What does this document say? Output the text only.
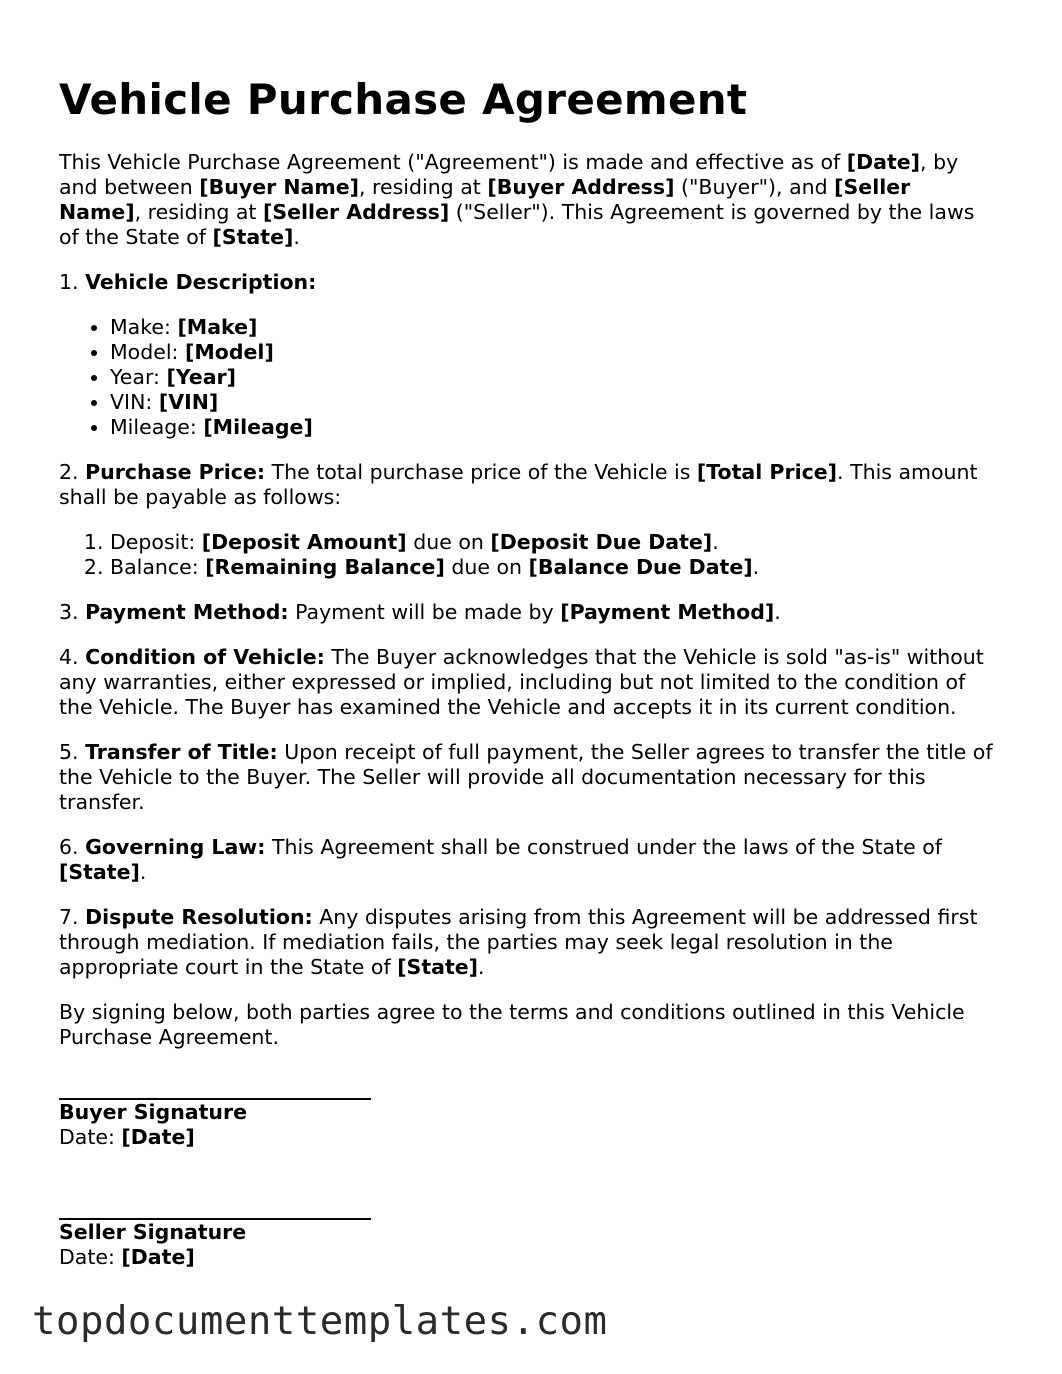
Vehicle Purchase Agreement

This Vehicle Purchase Agreement ("Agreement") is made and effective as of [Date], by and between [Buyer Name], residing at [Buyer Address] ("Buyer"), and [Seller Name], residing at [Seller Address] ("Seller"). This Agreement is governed by the laws of the State of [State].

1. Vehicle Description:

• Make: [Make]
• Model: [Model]
• Year: [Year]
• VIN: [VIN]
• Mileage: [Mileage]

2. Purchase Price: The total purchase price of the Vehicle is [Total Price]. This amount shall be payable as follows:

1. Deposit: [Deposit Amount] due on [Deposit Due Date].
2. Balance: [Remaining Balance] due on [Balance Due Date].

3. Payment Method: Payment will be made by [Payment Method].

4. Condition of Vehicle: The Buyer acknowledges that the Vehicle is sold "as-is" without any warranties, either expressed or implied, including but not limited to the condition of the Vehicle. The Buyer has examined the Vehicle and accepts it in its current condition.

5. Transfer of Title: Upon receipt of full payment, the Seller agrees to transfer the title of the Vehicle to the Buyer. The Seller will provide all documentation necessary for this transfer.

6. Governing Law: This Agreement shall be construed under the laws of the State of [State].

7. Dispute Resolution: Any disputes arising from this Agreement will be addressed first through mediation. If mediation fails, the parties may seek legal resolution in the appropriate court in the State of [State].

By signing below, both parties agree to the terms and conditions outlined in this Vehicle Purchase Agreement.

Buyer Signature
Date: [Date]
Seller Signature
Date: [Date]
topdocumenttemplates.com
